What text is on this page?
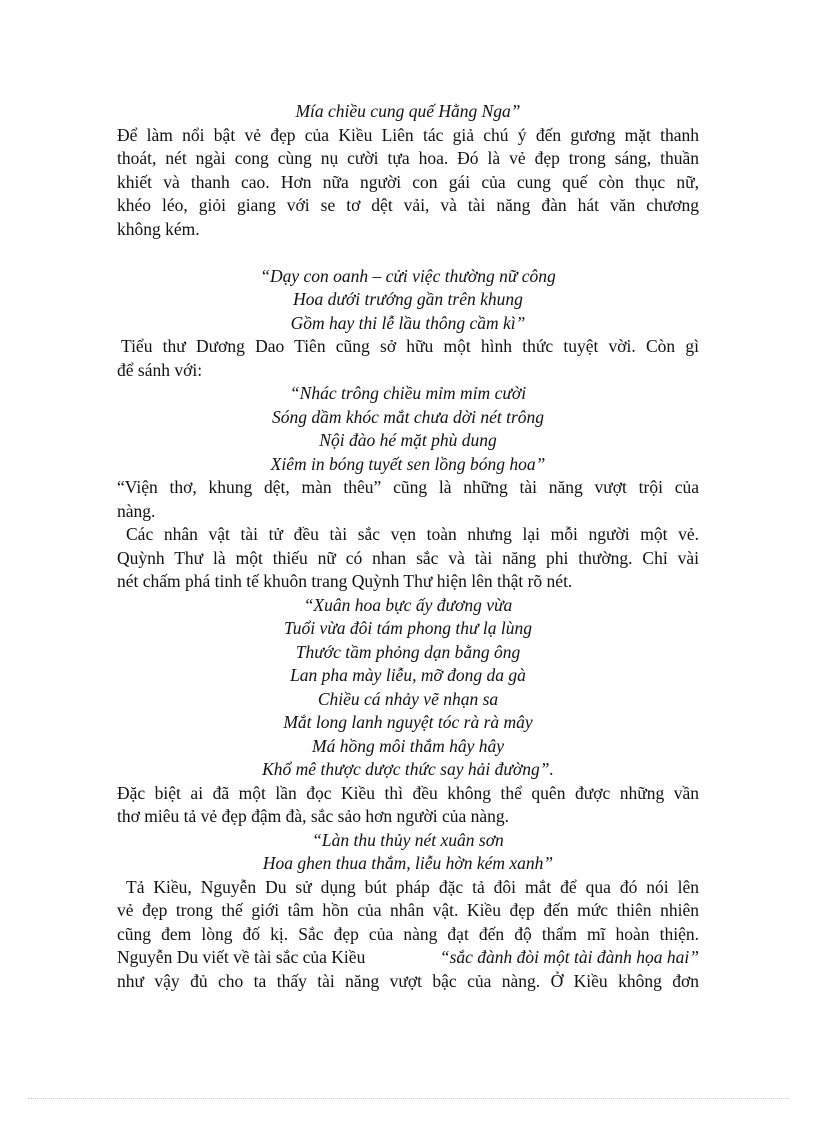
Mía chiều cung quế Hằng Nga”
Để làm nổi bật vẻ đẹp của Kiều Liên tác giả chú ý đến gương mặt thanh
thoát, nét ngài cong cùng nụ cười tựa hoa. Đó là vẻ đẹp trong sáng, thuần
khiết và thanh cao. Hơn nữa người con gái của cung quế còn thục nữ,
khéo léo, giỏi giang với se tơ dệt vải, và tài năng đàn hát văn chương
không kém.
“Dạy con oanh – cửi việc thường nữ công
Hoa dưới trướng gần trên khung
Gồm hay thi lễ lầu thông cầm kì”
Tiểu thư Dương Dao Tiên cũng sở hữu một hình thức tuyệt vời. Còn gì
để sánh với:
“Nhác trông chiều mỉm mỉm cười
Sóng dầm khóc mắt chưa dời nét trông
Nội đào hé mặt phù dung
Xiêm in bóng tuyết sen lồng bóng hoa”
“Viện thơ, khung dệt, màn thêu” cũng là những tài năng vượt trội của
nàng.
Các nhân vật tài tử đều tài sắc vẹn toàn nhưng lại mỗi người một vẻ.
Quỳnh Thư là một thiếu nữ có nhan sắc và tài năng phi thường. Chỉ vài
nét chấm phá tinh tế khuôn trang Quỳnh Thư hiện lên thật rõ nét.
“Xuân hoa bực ấy đương vừa
Tuổi vừa đôi tám phong thư lạ lùng
Thước tầm phỏng dạn bằng ông
Lan pha mày liễu, mỡ đong da gà
Chiều cá nhảy vẽ nhạn sa
Mắt long lanh nguyệt tóc rà rà mây
Má hồng môi thắm hây hây
Khổ mê thược dược thức say hải đường”.
Đặc biệt ai đã một lần đọc Kiều thì đều không thể quên được những vần
thơ miêu tả vẻ đẹp đậm đà, sắc sảo hơn người của nàng.
“Làn thu thủy nét xuân sơn
Hoa ghen thua thắm, liễu hờn kém xanh”
Tả Kiều, Nguyễn Du sử dụng bút pháp đặc tả đôi mắt để qua đó nói lên
vẻ đẹp trong thế giới tâm hồn của nhân vật. Kiều đẹp đến mức thiên nhiên
cũng đem lòng đố kị. Sắc đẹp của nàng đạt đến độ thẩm mĩ hoàn thiện.
Nguyễn Du viết về tài sắc của Kiều	“sắc đành đòi một tài đành họa hai”
như vậy đủ cho ta thấy tài năng vượt bậc của nàng. Ở Kiều không đơn
